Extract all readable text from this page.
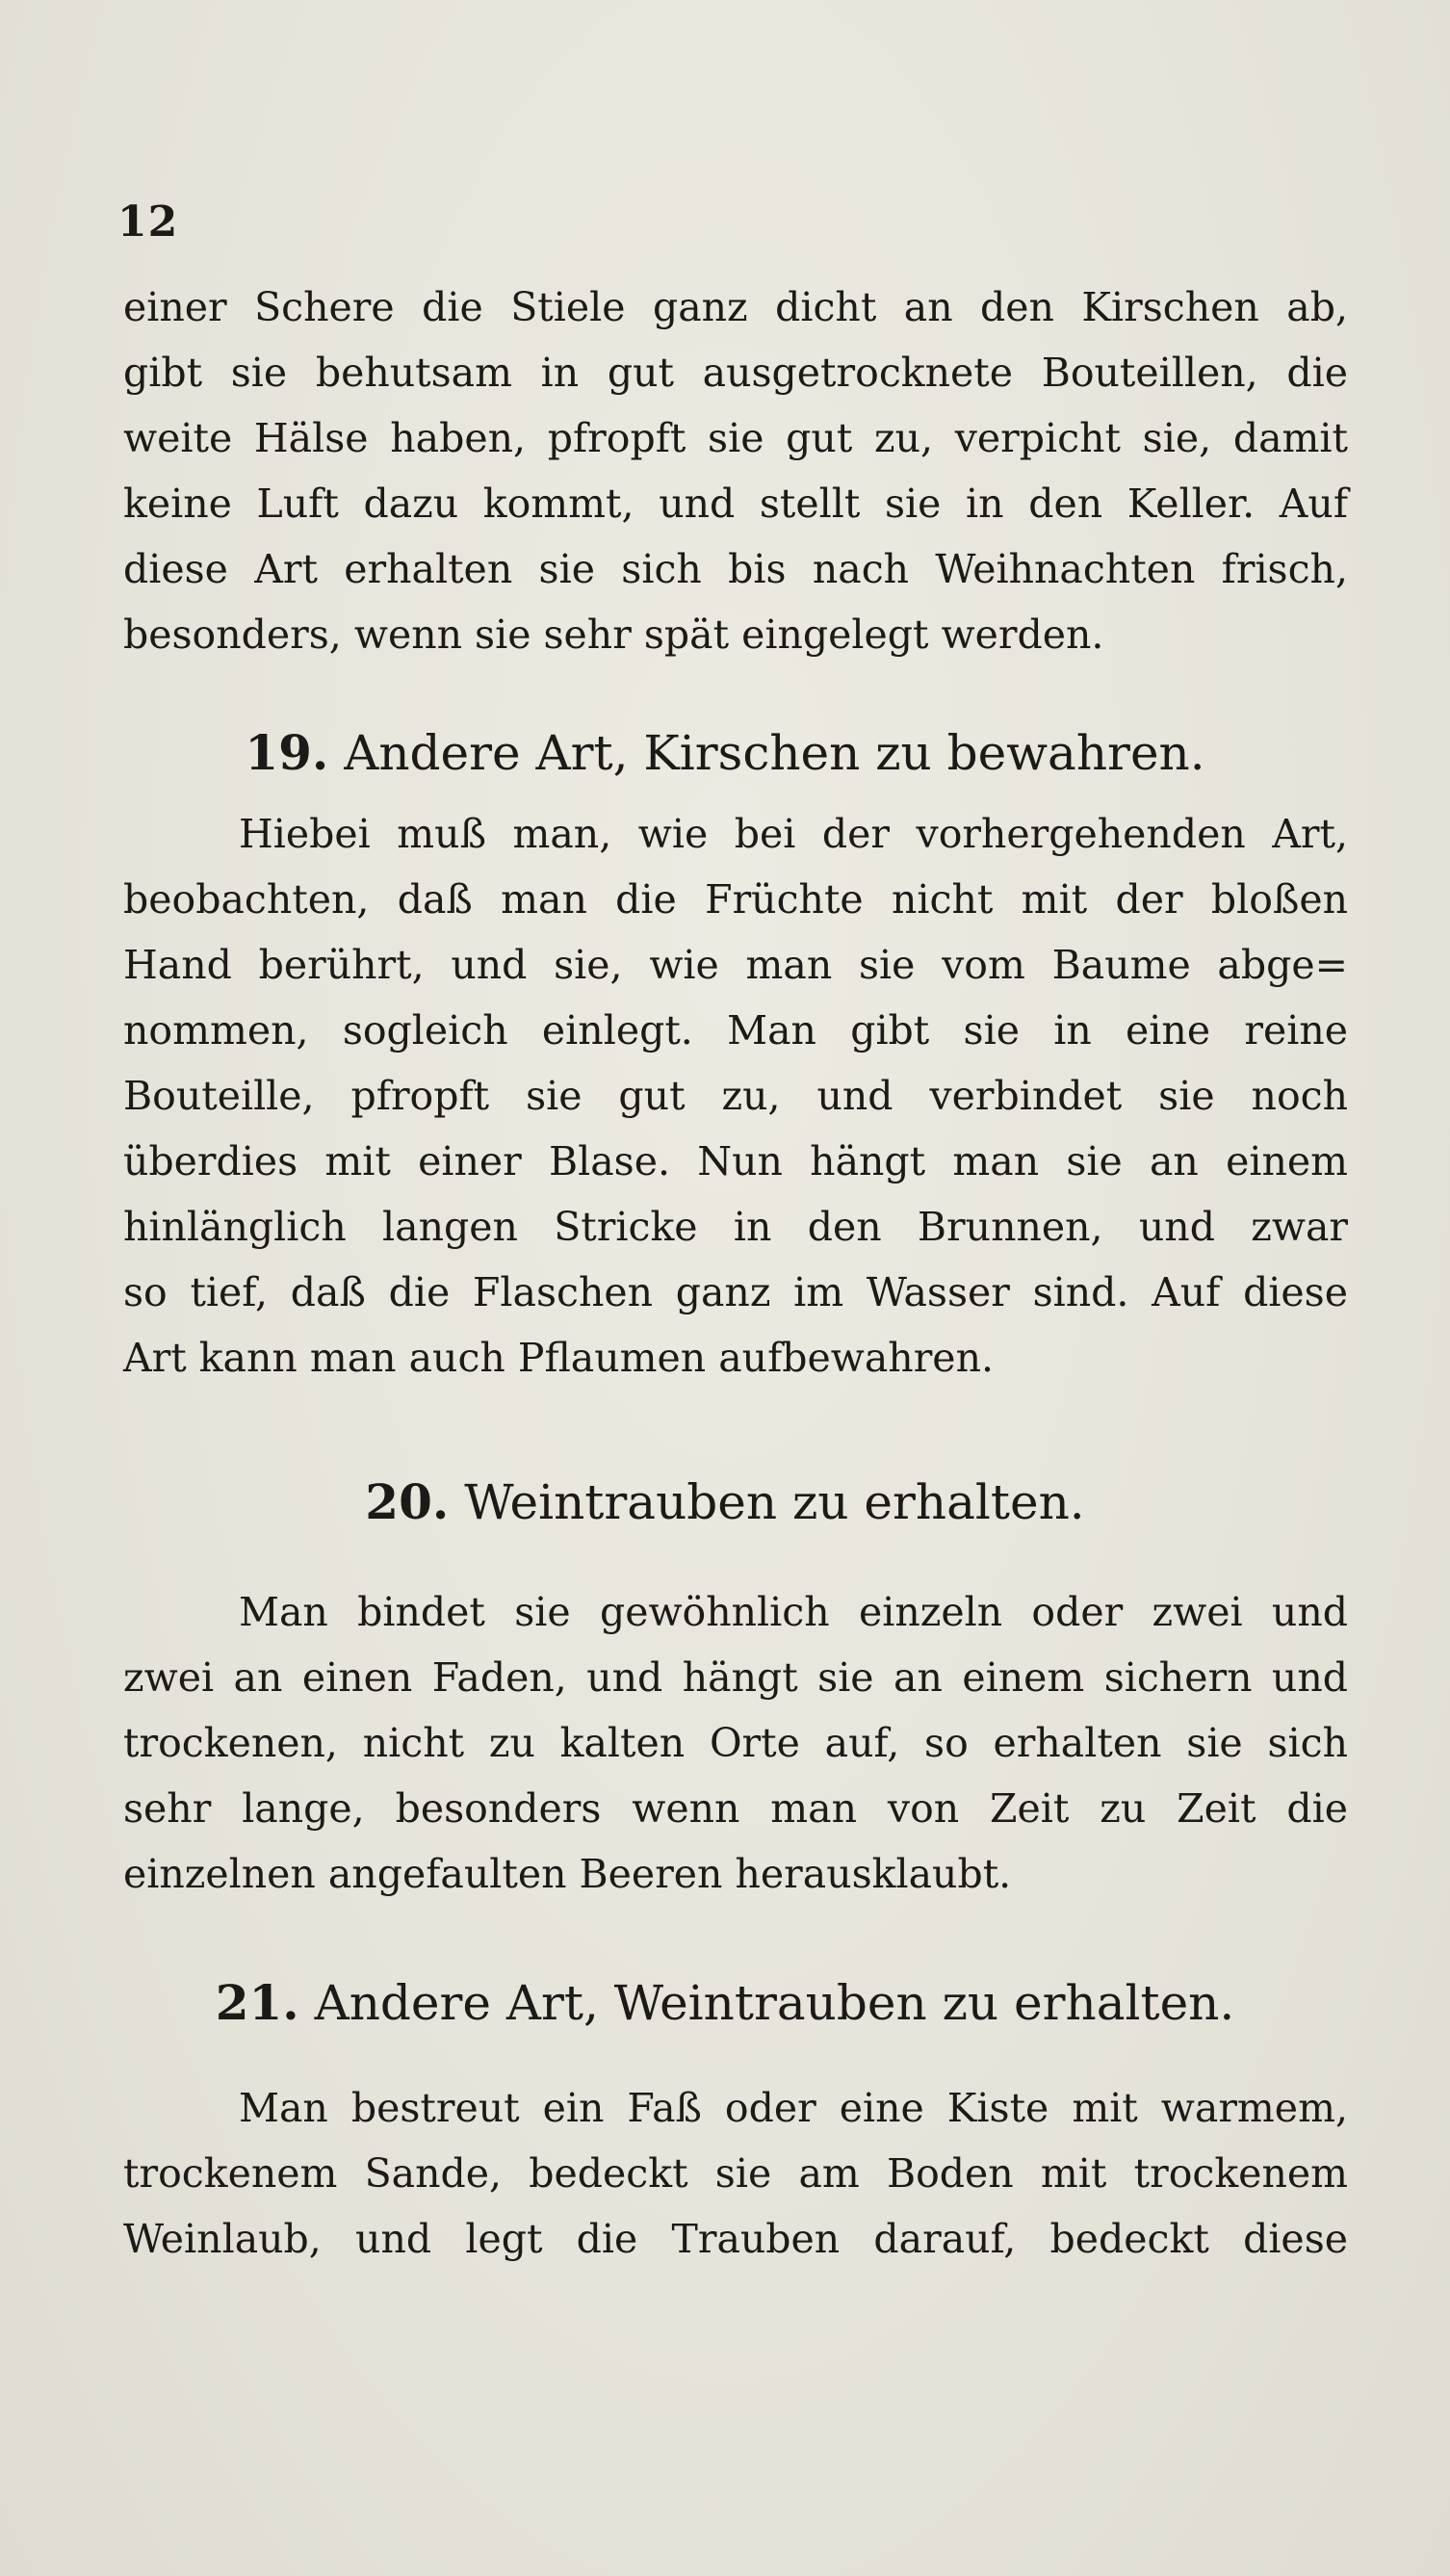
12
einer Schere die Stiele ganz dicht an den Kirschen ab,
gibt sie behutsam in gut ausgetrocknete Bouteillen, die
weite Hälse haben, pfropft sie gut zu, verpicht sie, damit
keine Luft dazu kommt, und stellt sie in den Keller. Auf
diese Art erhalten sie sich bis nach Weihnachten frisch,
besonders, wenn sie sehr spät eingelegt werden.
19. Andere Art, Kirschen zu bewahren.
Hiebei muß man, wie bei der vorhergehenden Art,
beobachten, daß man die Früchte nicht mit der bloßen
Hand berührt, und sie, wie man sie vom Baume abge=
nommen, sogleich einlegt. Man gibt sie in eine reine
Bouteille, pfropft sie gut zu, und verbindet sie noch
überdies mit einer Blase. Nun hängt man sie an einem
hinlänglich langen Stricke in den Brunnen, und zwar
so tief, daß die Flaschen ganz im Wasser sind. Auf diese
Art kann man auch Pflaumen aufbewahren.
20. Weintrauben zu erhalten.
Man bindet sie gewöhnlich einzeln oder zwei und
zwei an einen Faden, und hängt sie an einem sichern und
trockenen, nicht zu kalten Orte auf, so erhalten sie sich
sehr lange, besonders wenn man von Zeit zu Zeit die
einzelnen angefaulten Beeren herausklaubt.
21. Andere Art, Weintrauben zu erhalten.
Man bestreut ein Faß oder eine Kiste mit warmem,
trockenem Sande, bedeckt sie am Boden mit trockenem
Weinlaub, und legt die Trauben darauf, bedeckt diese
